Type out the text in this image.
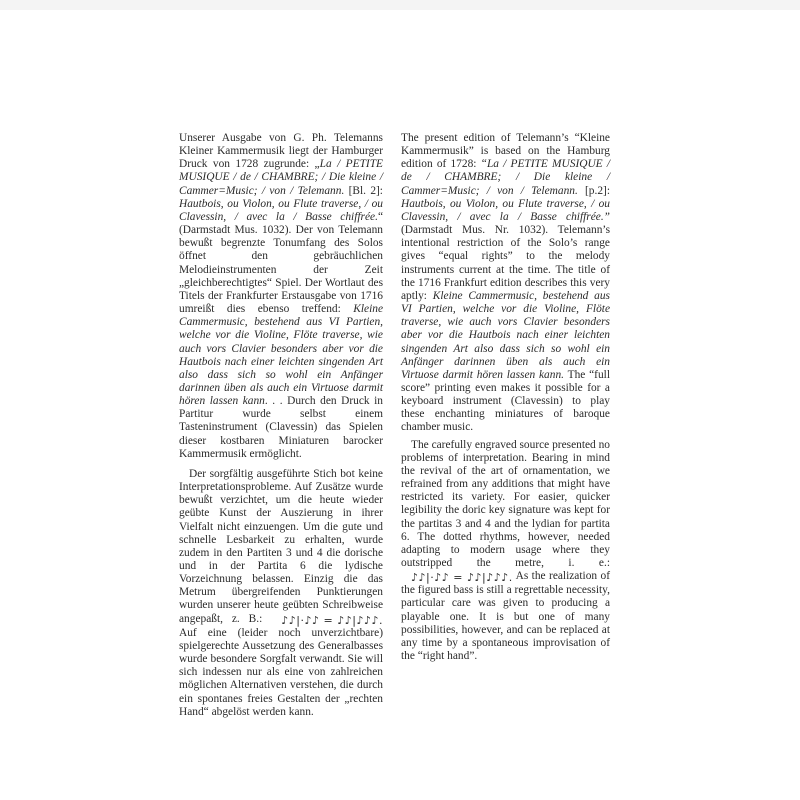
Unserer Ausgabe von G. Ph. Telemanns Kleiner Kammermusik liegt der Hamburger Druck von 1728 zugrunde: „La / PETITE MUSIQUE / de / CHAMBRE; / Die kleine / Cammer=Music; / von / Telemann. [Bl. 2]: Hautbois, ou Violon, ou Flute traverse, / ou Clavessin, / avec la / Basse chiffrée.“ (Darmstadt Mus. 1032). Der von Telemann bewußt begrenzte Tonumfang des Solos öffnet den gebräuchlichen Melodieinstrumenten der Zeit „gleichberechtigtes“ Spiel. Der Wortlaut des Titels der Frankfurter Erstausgabe von 1716 umreißt dies ebenso treffend: Kleine Cammermusic, bestehend aus VI Partien, welche vor die Violine, Flöte traverse, wie auch vors Clavier besonders aber vor die Hautbois nach einer leichten singenden Art also dass sich so wohl ein Anfänger darinnen üben als auch ein Virtuose darmit hören lassen kann. . . Durch den Druck in Partitur wurde selbst einem Tasteninstrument (Clavessin) das Spielen dieser kostbaren Miniaturen barocker Kammermusik ermöglicht.

Der sorgfältig ausgeführte Stich bot keine Interpretationsprobleme. Auf Zusätze wurde bewußt verzichtet, um die heute wieder geübte Kunst der Auszierung in ihrer Vielfalt nicht einzuengen. Um die gute und schnelle Lesbarkeit zu erhalten, wurde zudem in den Partiten 3 und 4 die dorische und in der Partita 6 die lydische Vorzeichnung belassen. Einzig die das Metrum übergreifenden Punktierungen wurden unserer heute geübten Schreibweise angepaßt, z. B.: ♪♪|·♪♪ = ♪♪|♪♪♪. Auf eine (leider noch unverzichtbare) spielgerechte Aussetzung des Generalbasses wurde besondere Sorgfalt verwandt. Sie will sich indessen nur als eine von zahlreichen möglichen Alternativen verstehen, die durch ein spontanes freies Gestalten der „rechten Hand“ abgelöst werden kann.

The present edition of Telemann’s “Kleine Kammermusik” is based on the Hamburg edition of 1728: “La / PETITE MUSIQUE / de / CHAMBRE; / Die kleine / Cammer=Music; / von / Telemann. [p.2]: Hautbois, ou Violon, ou Flute traverse, / ou Clavessin, / avec la / Basse chiffrée.” (Darmstadt Mus. Nr. 1032). Telemann’s intentional restriction of the Solo’s range gives “equal rights” to the melody instruments current at the time. The title of the 1716 Frankfurt edition describes this very aptly: Kleine Cammermusic, bestehend aus VI Partien, welche vor die Violine, Flöte traverse, wie auch vors Clavier besonders aber vor die Hautbois nach einer leichten singenden Art also dass sich so wohl ein Anfänger darinnen üben als auch ein Virtuose darmit hören lassen kann. The “full score” printing even makes it possible for a keyboard instrument (Clavessin) to play these enchanting miniatures of baroque chamber music.

The carefully engraved source presented no problems of interpretation. Bearing in mind the revival of the art of ornamentation, we refrained from any additions that might have restricted its variety. For easier, quicker legibility the doric key signature was kept for the partitas 3 and 4 and the lydian for partita 6. The dotted rhythms, however, needed adapting to modern usage where they outstripped the metre, i. e.: ♪♪|·♪♪ = ♪♪|♪♪♪. As the realization of the figured bass is still a regrettable necessity, particular care was given to producing a playable one. It is but one of many possibilities, however, and can be replaced at any time by a spontaneous improvisation of the “right hand”.
